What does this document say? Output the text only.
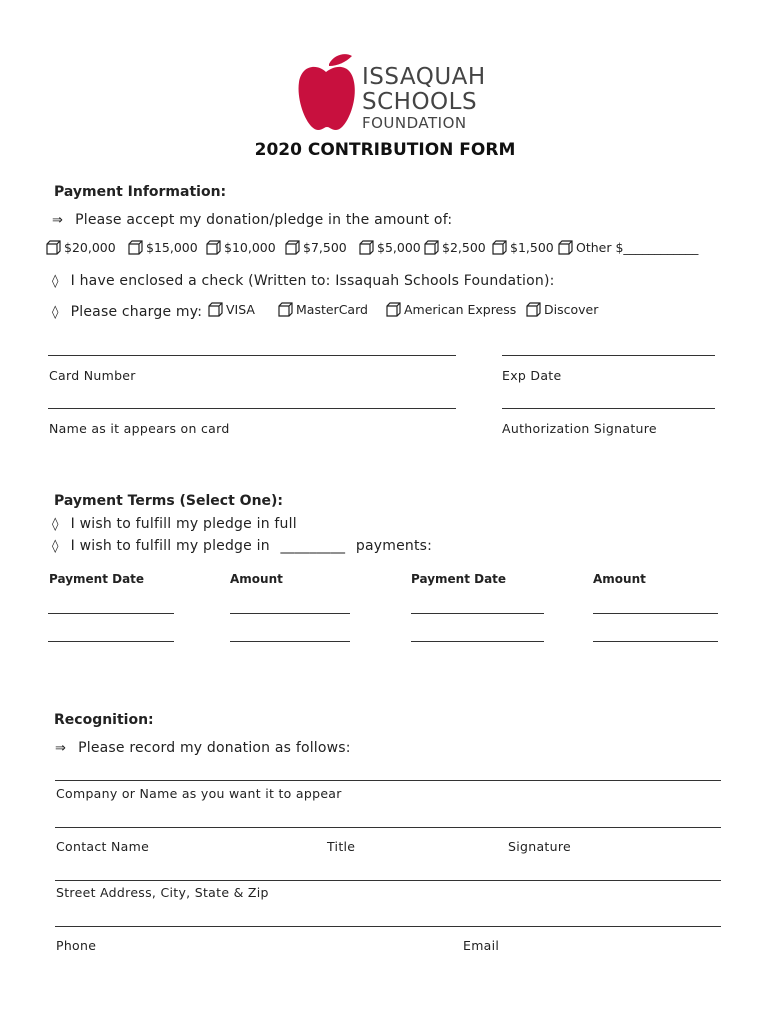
ISSAQUAH
SCHOOLS
FOUNDATION
2020 CONTRIBUTION FORM
Payment Information:
⇒ Please accept my donation/pledge in the amount of:
$20,000 $15,000 $10,000 $7,500 $5,000 $2,500 $1,500 Other $____________
◊ I have enclosed a check (Written to: Issaquah Schools Foundation):
◊ Please charge my: VISA	MasterCard	American Express Discover
Card Number	Exp Date
Name as it appears on card	Authorization Signature
Payment Terms (Select One):
◊ I wish to fulfill my pledge in full
◊ I wish to fulfill my pledge in _________ payments:
Payment Date	Amount	Payment Date	Amount
Recognition:
⇒ Please record my donation as follows:
Company or Name as you want it to appear
Contact Name	Title	Signature
Street Address, City, State & Zip
Phone	Email
